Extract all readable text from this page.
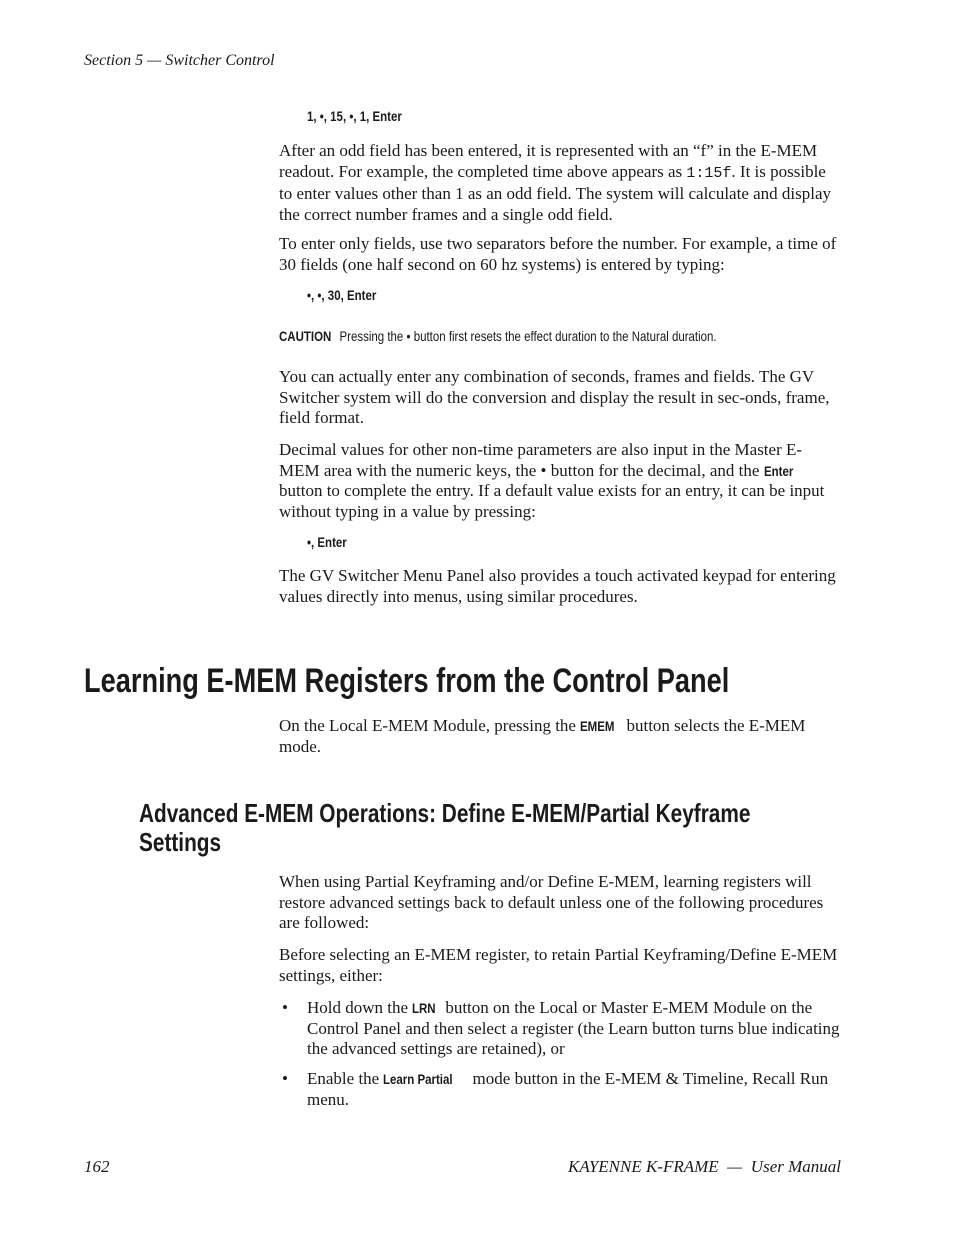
Section 5 — Switcher Control
1, •, 15, •, 1, Enter

After an odd field has been entered, it is represented with an “f” in the E-MEM readout. For example, the completed time above appears as 1:15f. It is possible to enter values other than 1 as an odd field. The system will calculate and display the correct number frames and a single odd field.

To enter only fields, use two separators before the number. For example, a time of 30 fields (one half second on 60 hz systems) is entered by typing:

•, •, 30, Enter
CAUTION Pressing the • button first resets the effect duration to the Natural duration.

You can actually enter any combination of seconds, frames and fields. The GV Switcher system will do the conversion and display the result in sec-onds, frame, field format.

Decimal values for other non-time parameters are also input in the Master E-MEM area with the numeric keys, the • button for the decimal, and the Enter button to complete the entry. If a default value exists for an entry, it can be input without typing in a value by pressing:

•, Enter

The GV Switcher Menu Panel also provides a touch activated keypad for entering values directly into menus, using similar procedures.

Learning E-MEM Registers from the Control Panel

On the Local E-MEM Module, pressing the EMEM button selects the E-MEM mode.

Advanced E-MEM Operations: Define E-MEM/Partial Keyframe Settings

When using Partial Keyframing and/or Define E-MEM, learning registers will restore advanced settings back to default unless one of the following procedures are followed:

Before selecting an E-MEM register, to retain Partial Keyframing/Define E-MEM settings, either:

• Hold down the LRN button on the Local or Master E-MEM Module on the Control Panel and then select a register (the Learn button turns blue indicating the advanced settings are retained), or
• Enable the Learn Partial mode button in the E-MEM & Timeline, Recall Run menu.
162	KAYENNE K-FRAME  —  User Manual
